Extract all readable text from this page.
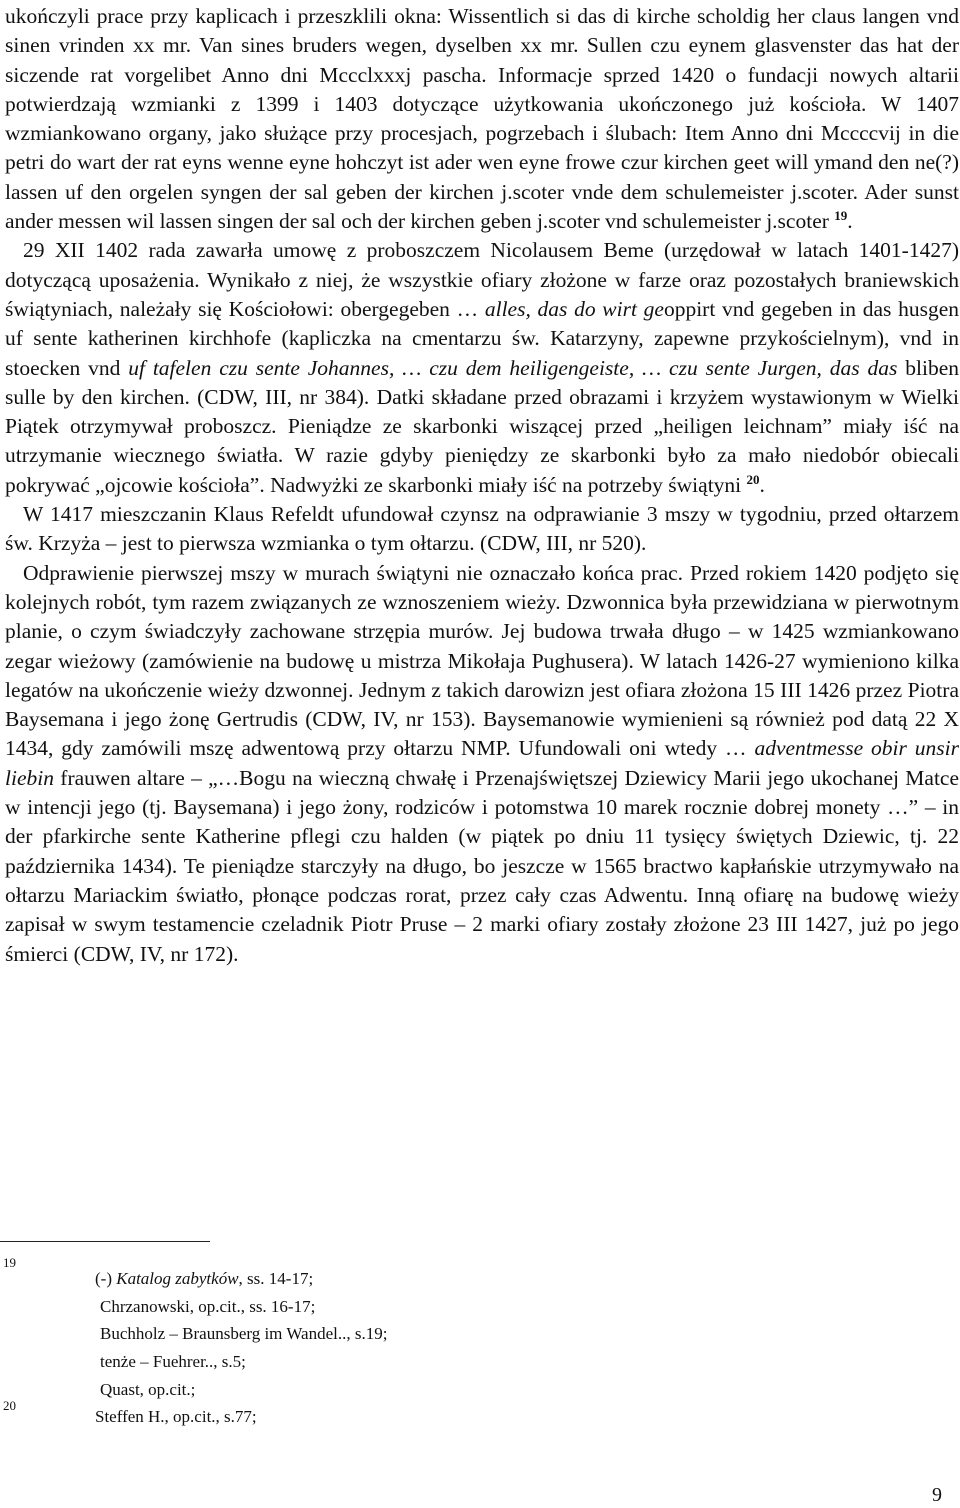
ukończyli prace przy kaplicach i przeszklili okna: Wissentlich si das di kirche scholdig her claus langen vnd sinen vrinden xx mr. Van sines bruders wegen, dyselben xx mr. Sullen czu eynem glasvenster das hat der siczende rat vorgelibet Anno dni Mccclxxxj pascha. Informacje sprzed 1420 o fundacji nowych altarii potwierdzają wzmianki z 1399 i 1403 dotyczące użytkowania ukończonego już kościoła. W 1407 wzmiankowano organy, jako służące przy procesjach, pogrzebach i ślubach: Item Anno dni Mccccvij in die petri do wart der rat eyns wenne eyne hohczyt ist ader wen eyne frowe czur kirchen geet will ymand den ne(?) lassen uf den orgelen syngen der sal geben der kirchen j.scoter vnde dem schulemeister j.scoter. Ader sunst ander messen wil lassen singen der sal och der kirchen geben j.scoter vnd schulemeister j.scoter $^{19}$.

29 XII 1402 rada zawarła umowę z proboszczem Nicolausem Beme (urzędował w latach 1401-1427) dotyczącą uposażenia. Wynikało z niej, że wszystkie ofiary złożone w farze oraz pozostałych braniewskich świątyniach, należały się Kościołowi: obergegeben … alles, das do wirt geoppirt vnd gegeben in das husgen uf sente katherinen kirchhofe (kapliczka na cmentarzu św. Katarzyny, zapewne przykościelnym), vnd in stoecken vnd uf tafelen czu sente Johannes, … czu dem heiligengeiste, … czu sente Jurgen, das das bliben sulle by den kirchen. (CDW, III, nr 384). Datki składane przed obrazami i krzyżem wystawionym w Wielki Piątek otrzymywał proboszcz. Pieniądze ze skarbonki wiszącej przed „heiligen leichnam” miały iść na utrzymanie wiecznego światła. W razie gdyby pieniędzy ze skarbonki było za mało niedobór obiecali pokrywać „ojcowie kościoła”. Nadwyżki ze skarbonki miały iść na potrzeby świątyni $^{20}$.

W 1417 mieszczanin Klaus Refeldt ufundował czynsz na odprawianie 3 mszy w tygodniu, przed ołtarzem św. Krzyża – jest to pierwsza wzmianka o tym ołtarzu. (CDW, III, nr 520).

Odprawienie pierwszej mszy w murach świątyni nie oznaczało końca prac. Przed rokiem 1420 podjęto się kolejnych robót, tym razem związanych ze wznoszeniem wieży. Dzwonnica była przewidziana w pierwotnym planie, o czym świadczyły zachowane strzępia murów. Jej budowa trwała długo – w 1425 wzmiankowano zegar wieżowy (zamówienie na budowę u mistrza Mikołaja Pughusera). W latach 1426-27 wymieniono kilka legatów na ukończenie wieży dzwonnej. Jednym z takich darowizn jest ofiara złożona 15 III 1426 przez Piotra Baysemana i jego żonę Gertrudis (CDW, IV, nr 153). Baysemanowie wymienieni są również pod datą 22 X 1434, gdy zamówili mszę adwentową przy ołtarzu NMP. Ufundowali oni wtedy … adventmesse obir unsir liebin frauwen altare – „…Bogu na wieczną chwałę i Przenajświętszej Dziewicy Marii jego ukochanej Matce w intencji jego (tj. Baysemana) i jego żony, rodziców i potomstwa 10 marek rocznie dobrej monety …” – in der pfarkirche sente Katherine pflegi czu halden (w piątek po dniu 11 tysięcy świętych Dziewic, tj. 22 października 1434). Te pieniądze starczyły na długo, bo jeszcze w 1565 bractwo kapłańskie utrzymywało na ołtarzu Mariackim światło, płonące podczas rorat, przez cały czas Adwentu. Inną ofiarę na budowę wieży zapisał w swym testamencie czeladnik Piotr Pruse – 2 marki ofiary zostały złożone 23 III 1427, już po jego śmierci (CDW, IV, nr 172).

19
(-) Katalog zabytków, ss. 14-17;
Chrzanowski, op.cit., ss. 16-17;
Buchholz – Braunsberg im Wandel.., s.19;
tenże – Fuehrer.., s.5;
Quast, op.cit.;
20
Steffen H., op.cit., s.77;
9
